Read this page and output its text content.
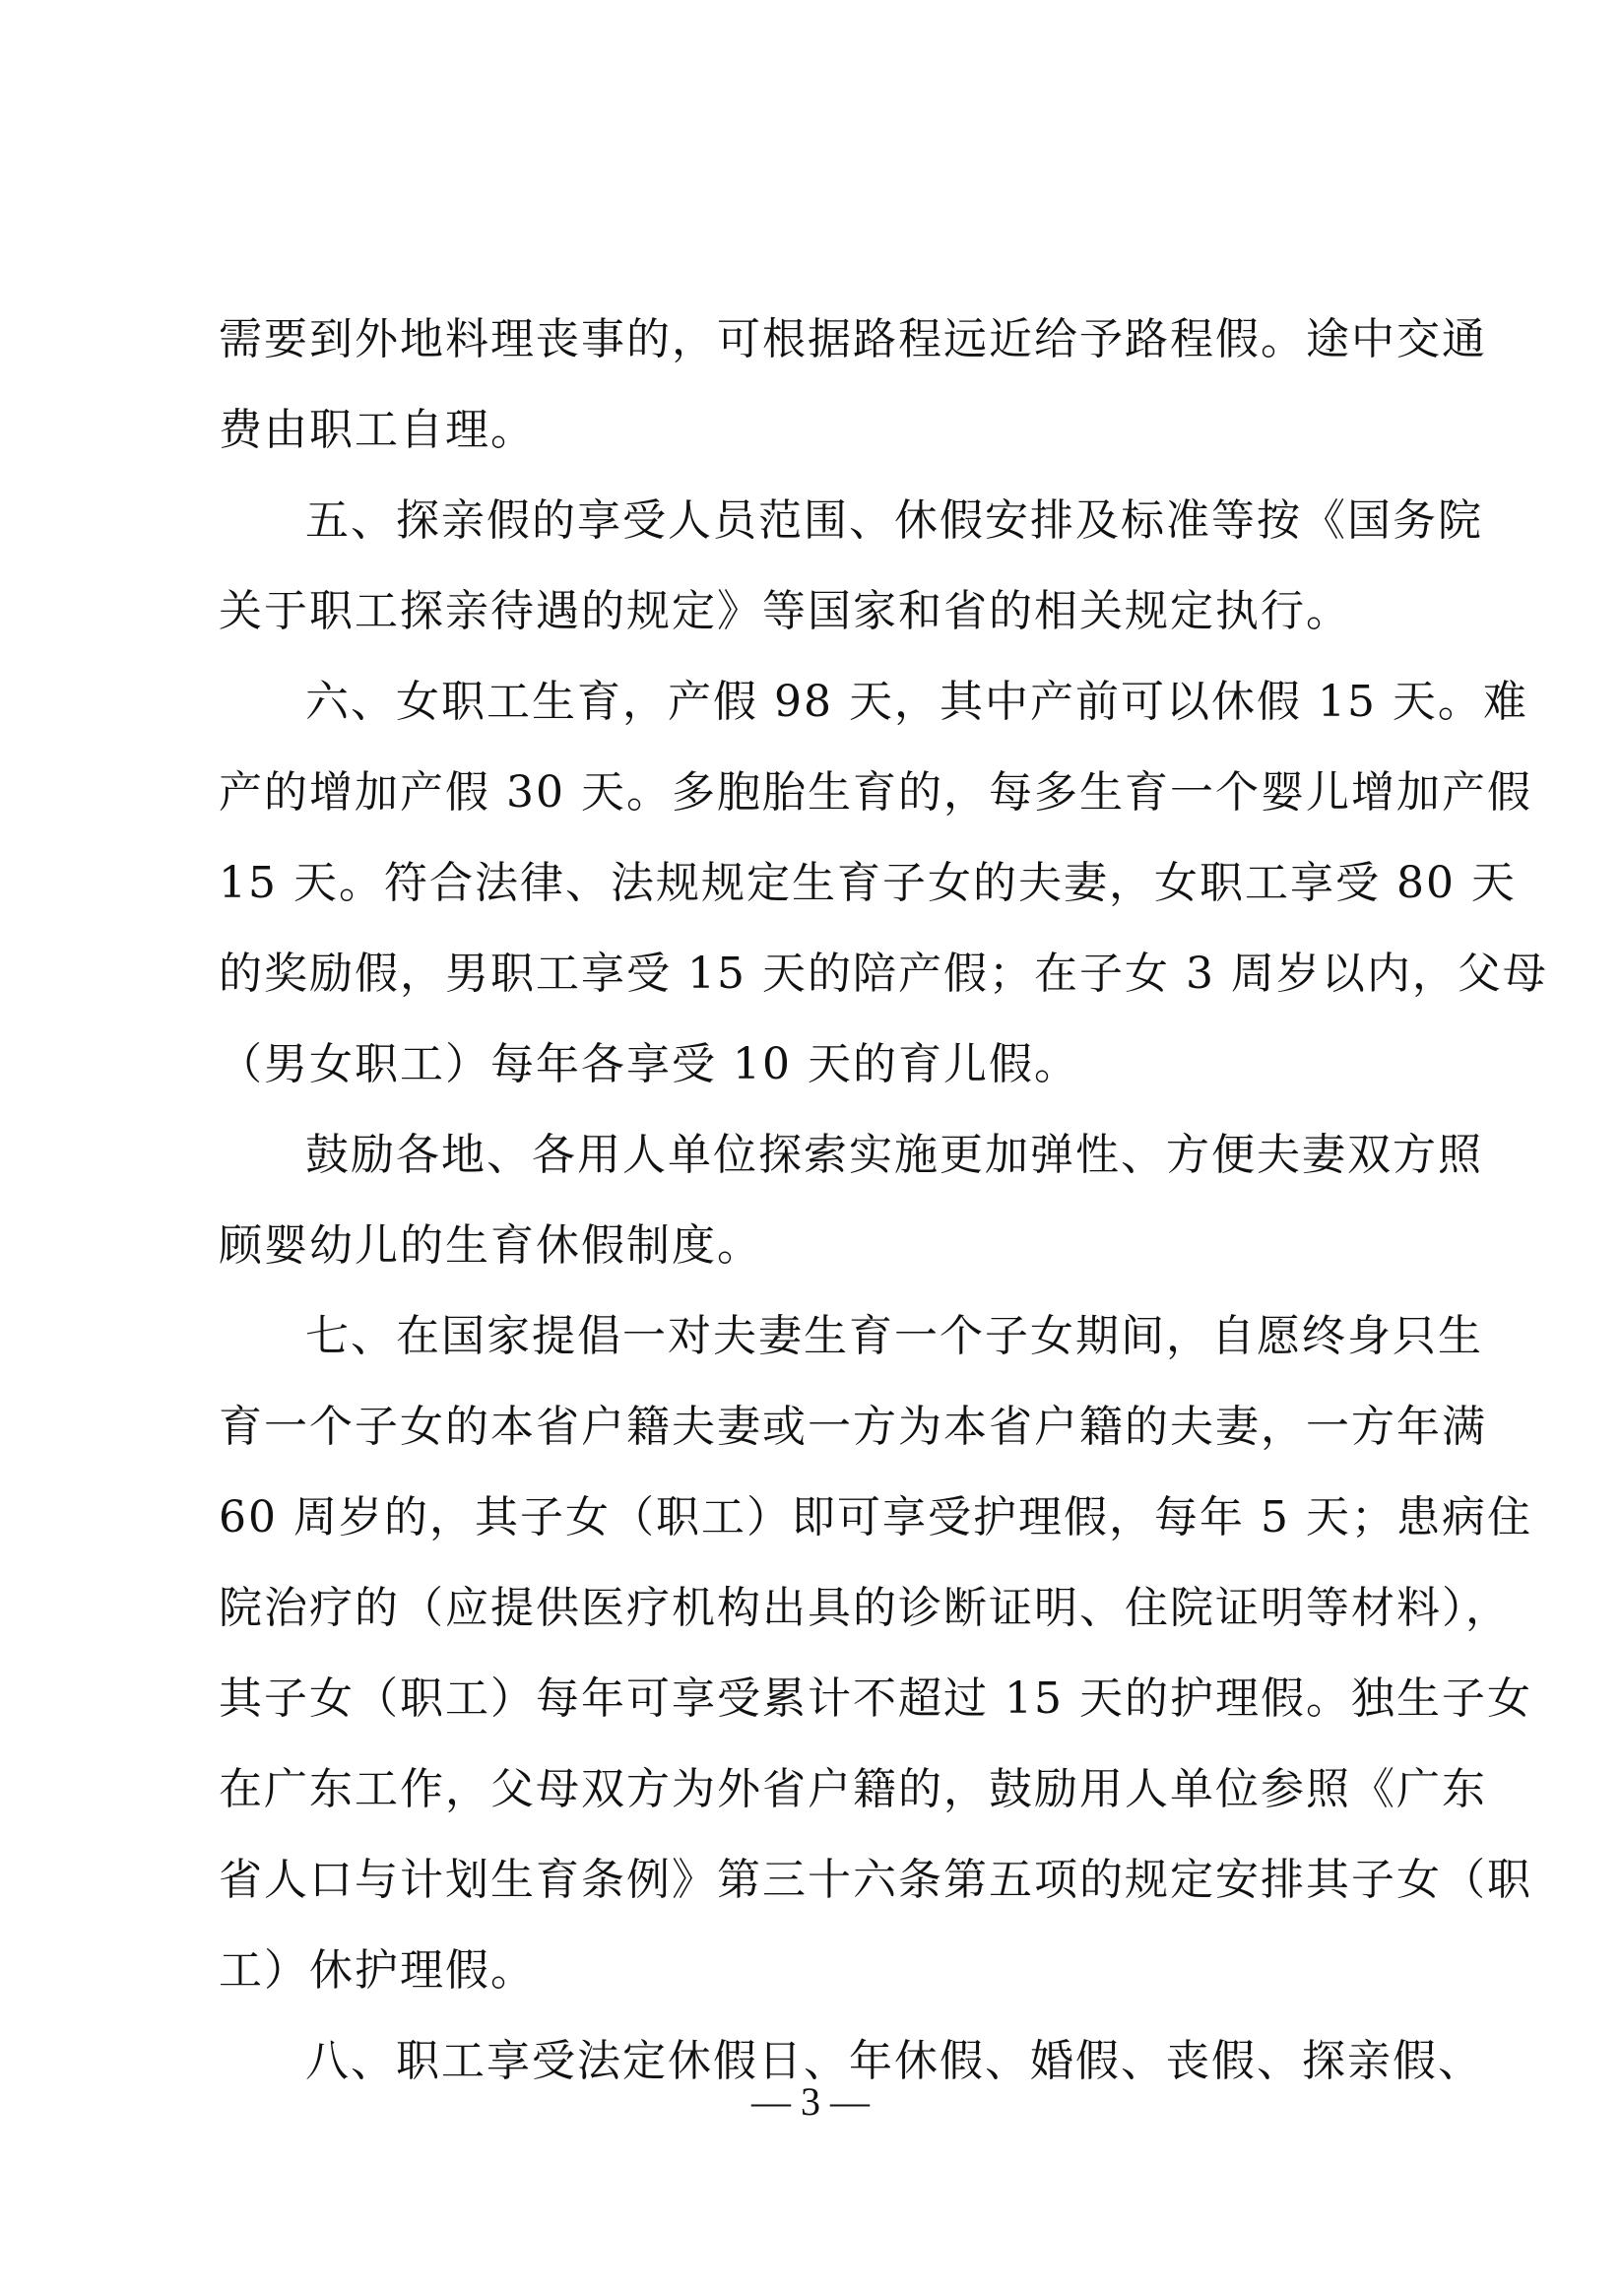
需要到外地料理丧事的，可根据路程远近给予路程假。途中交通
费由职工自理。
五、探亲假的享受人员范围、休假安排及标准等按《国务院
关于职工探亲待遇的规定》等国家和省的相关规定执行。
六、女职工生育，产假 98 天，其中产前可以休假 15 天。难
产的增加产假 30 天。多胞胎生育的，每多生育一个婴儿增加产假
15 天。符合法律、法规规定生育子女的夫妻，女职工享受 80 天
的奖励假，男职工享受 15 天的陪产假；在子女 3 周岁以内，父母
（男女职工）每年各享受 10 天的育儿假。
鼓励各地、各用人单位探索实施更加弹性、方便夫妻双方照
顾婴幼儿的生育休假制度。
七、在国家提倡一对夫妻生育一个子女期间，自愿终身只生
育一个子女的本省户籍夫妻或一方为本省户籍的夫妻，一方年满
60 周岁的，其子女（职工）即可享受护理假，每年 5 天；患病住
院治疗的（应提供医疗机构出具的诊断证明、住院证明等材料），
其子女（职工）每年可享受累计不超过 15 天的护理假。独生子女
在广东工作，父母双方为外省户籍的，鼓励用人单位参照《广东
省人口与计划生育条例》第三十六条第五项的规定安排其子女（职
工）休护理假。
八、职工享受法定休假日、年休假、婚假、丧假、探亲假、
— 3 —
